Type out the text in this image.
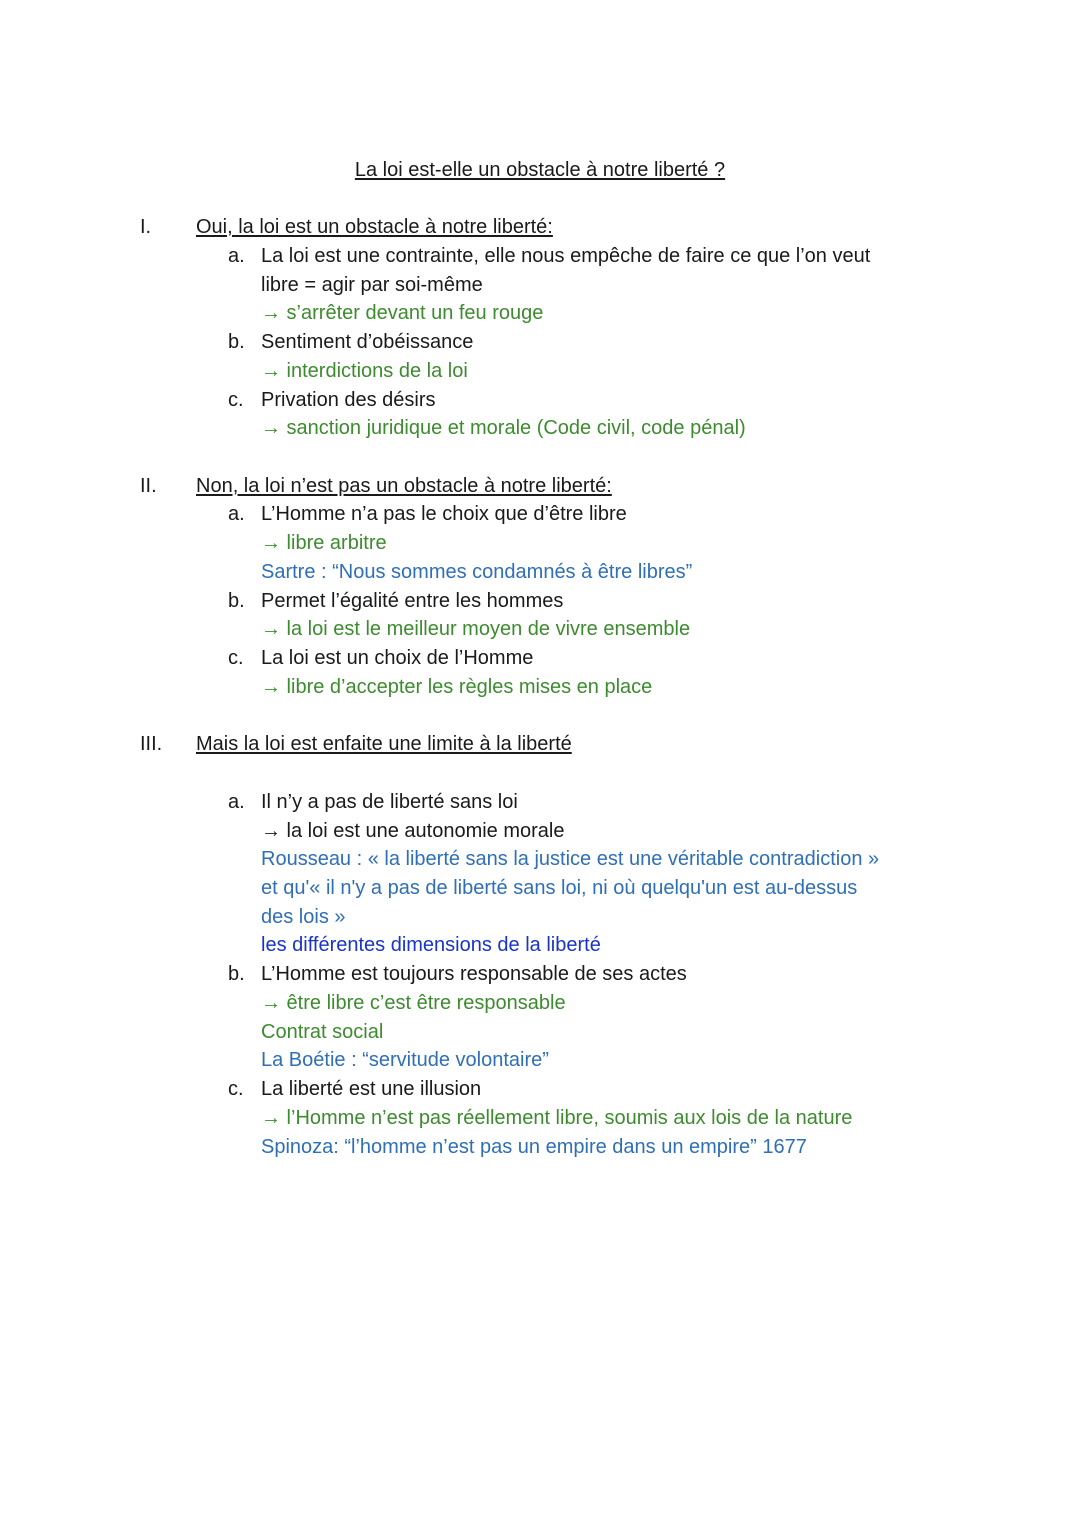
La loi est-elle un obstacle à notre liberté ?
I. Oui, la loi est un obstacle à notre liberté:
a. La loi est une contrainte, elle nous empêche de faire ce que l’on veut
libre = agir par soi-même
→ s’arrêter devant un feu rouge
b. Sentiment d’obéissance
→ interdictions de la loi
c. Privation des désirs
→ sanction juridique et morale (Code civil, code pénal)
II. Non, la loi n’est pas un obstacle à notre liberté:
a. L’Homme n’a pas le choix que d’être libre
→ libre arbitre
Sartre : “Nous sommes condamnés à être libres”
b. Permet l’égalité entre les hommes
→ la loi est le meilleur moyen de vivre ensemble
c. La loi est un choix de l’Homme
→ libre d’accepter les règles mises en place
III. Mais la loi est enfaite une limite à la liberté
a. Il n’y a pas de liberté sans loi
→ la loi est une autonomie morale
Rousseau : « la liberté sans la justice est une véritable contradiction »
et qu'« il n'y a pas de liberté sans loi, ni où quelqu'un est au-dessus
des lois »
les différentes dimensions de la liberté
b. L’Homme est toujours responsable de ses actes
→ être libre c’est être responsable
Contrat social
La Boétie : “servitude volontaire”
c. La liberté est une illusion
→ l’Homme n’est pas réellement libre, soumis aux lois de la nature
Spinoza: “l’homme n’est pas un empire dans un empire” 1677
